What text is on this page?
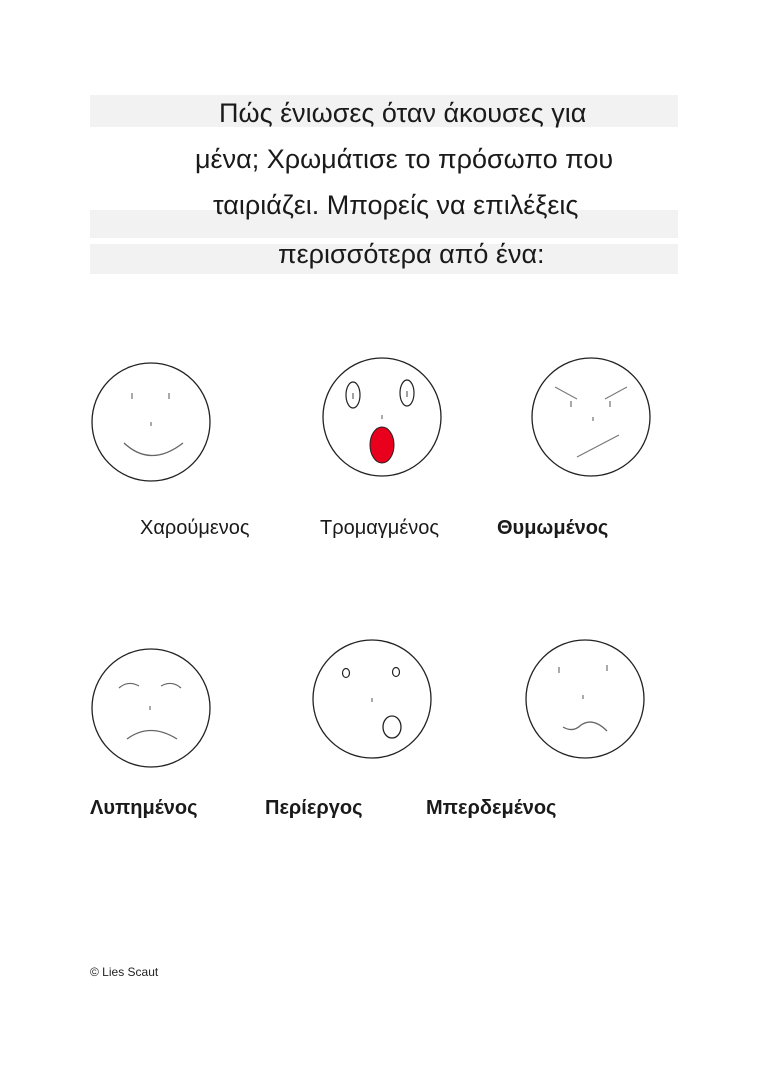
Πώς ένιωσες όταν άκουσες για
μένα; Χρωμάτισε το πρόσωπο που
ταιριάζει. Μπορείς να επιλέξεις
περισσότερα από ένα:
Χαρούμενος	Τρομαγμένος	Θυμωμένος
Λυπημένος	Περίεργος	Μπερδεμένος
© Lies Scaut
